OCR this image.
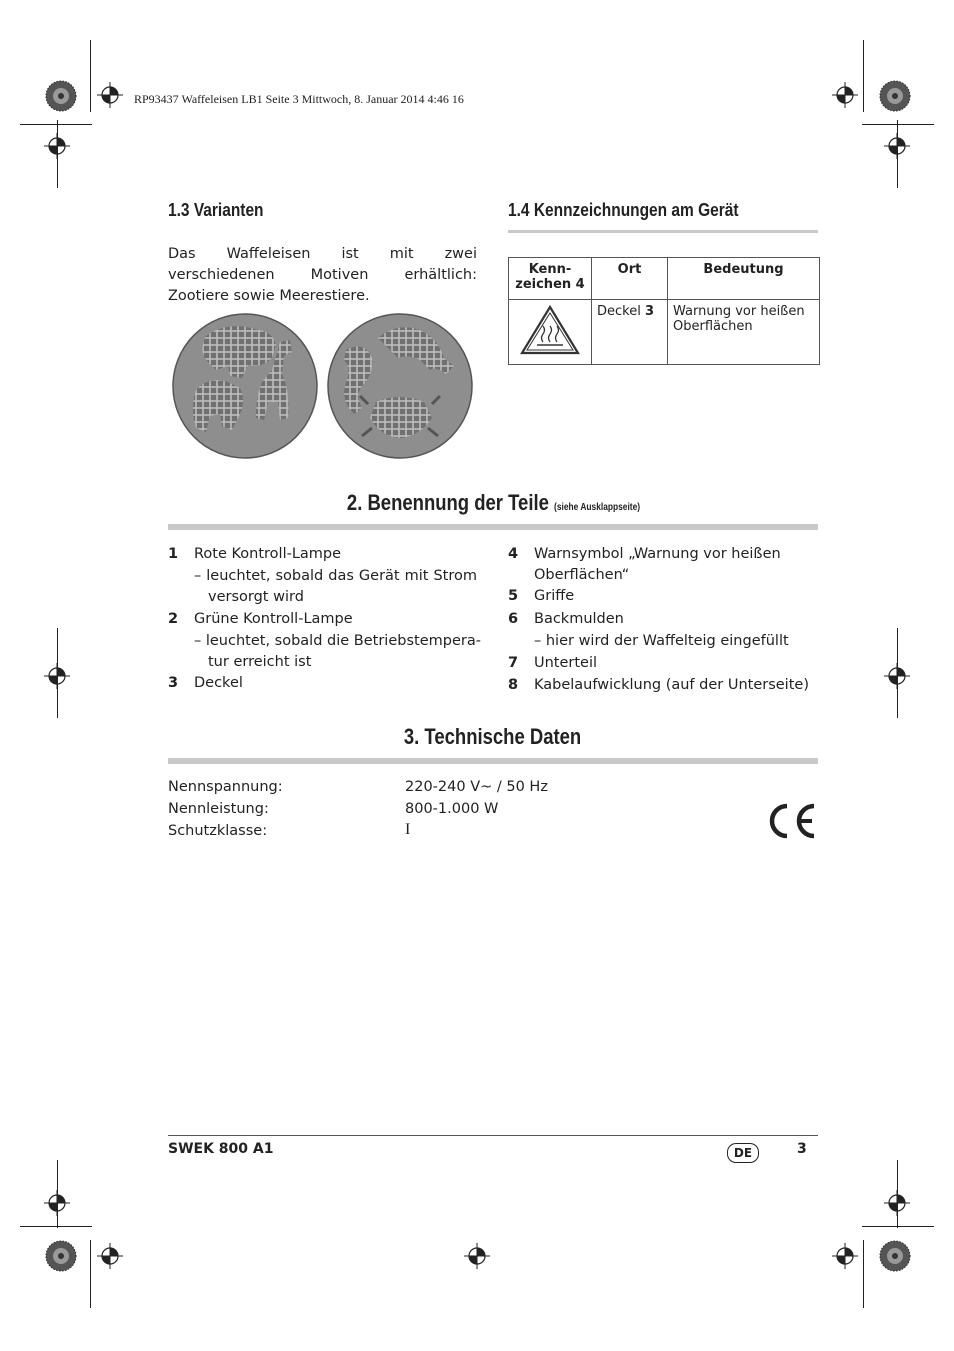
RP93437 Waffeleisen LB1 Seite 3 Mittwoch, 8. Januar 2014 4:46 16
1.3 Varianten
Das Waffeleisen ist mit zwei verschiedenen Motiven erhältlich: Zootiere sowie Meerestiere.
1.4 Kennzeichnungen am Gerät
Kenn-zeichen 4	Ort	Bedeutung
	Deckel 3	Warnung vor heißen Oberflächen
2. Benennung der Teile (siehe Ausklappseite)
1 Rote Kontroll-Lampe
– leuchtet, sobald das Gerät mit Strom
versorgt wird
2 Grüne Kontroll-Lampe
– leuchtet, sobald die Betriebstempera-
tur erreicht ist
3 Deckel
4 Warnsymbol „Warnung vor heißen
Oberflächen“
5 Griffe
6 Backmulden
– hier wird der Waffelteig eingefüllt
7 Unterteil
8 Kabelaufwicklung (auf der Unterseite)
3. Technische Daten
Nennspannung:	220-240 V~ / 50 Hz
Nennleistung:	800-1.000 W
Schutzklasse:	I
SWEK 800 A1	DE	3
